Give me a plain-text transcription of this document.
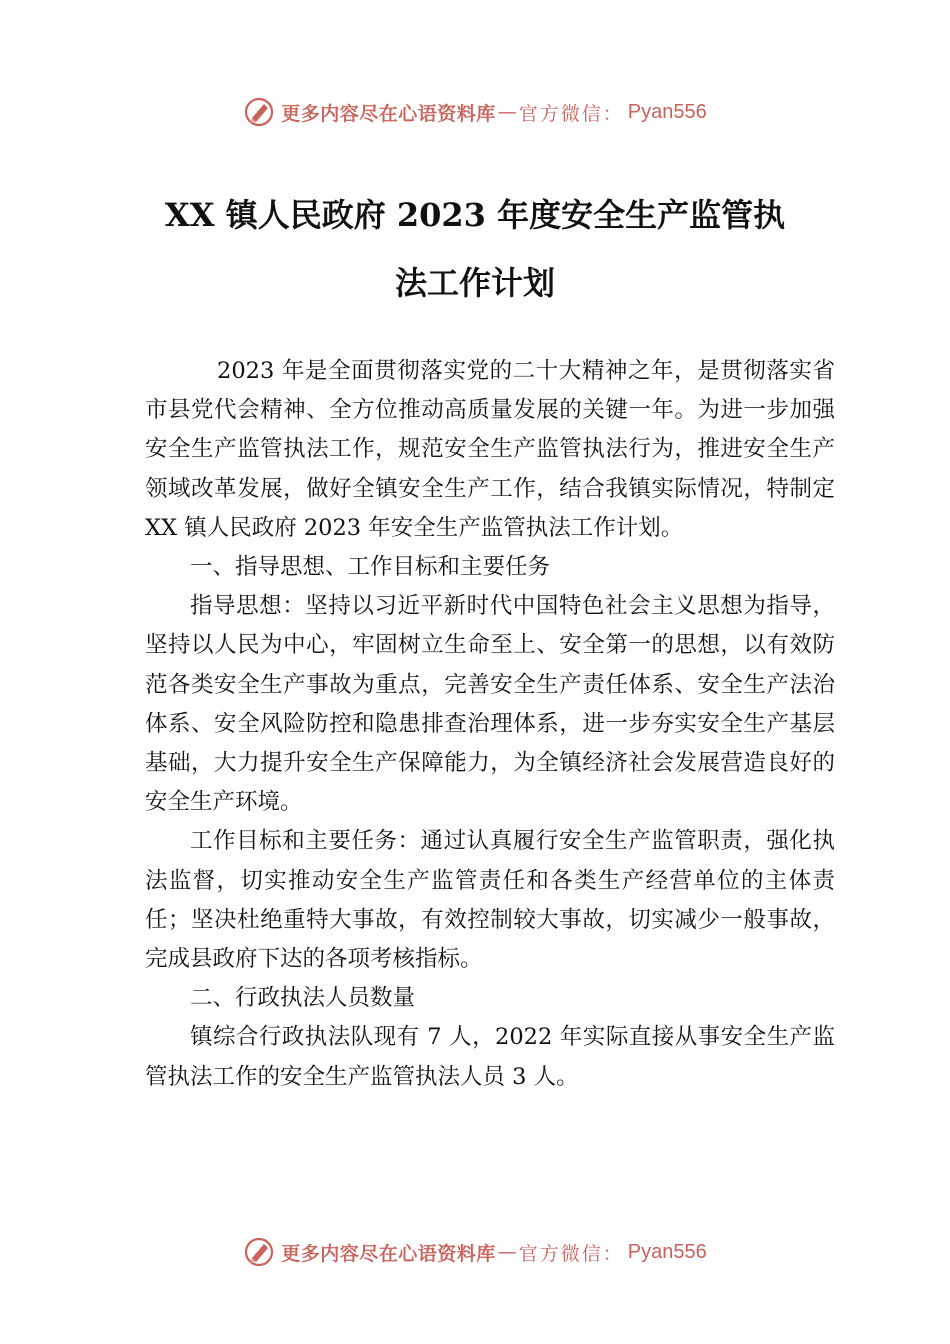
更多内容尽在心语资料库 — 官方微信： Pyan556
XX 镇人民政府 2023 年度安全生产监管执
法工作计划

2023 年是全面贯彻落实党的二十大精神之年，是贯彻落实省市县党代会精神、全方位推动高质量发展的关键一年。为进一步加强安全生产监管执法工作，规范安全生产监管执法行为，推进安全生产领域改革发展，做好全镇安全生产工作，结合我镇实际情况，特制定 XX 镇人民政府 2023 年安全生产监管执法工作计划。

一、指导思想、工作目标和主要任务

指导思想：坚持以习近平新时代中国特色社会主义思想为指导，坚持以人民为中心，牢固树立生命至上、安全第一的思想，以有效防范各类安全生产事故为重点，完善安全生产责任体系、安全生产法治体系、安全风险防控和隐患排查治理体系，进一步夯实安全生产基层基础，大力提升安全生产保障能力，为全镇经济社会发展营造良好的安全生产环境。

工作目标和主要任务：通过认真履行安全生产监管职责，强化执法监督，切实推动安全生产监管责任和各类生产经营单位的主体责任；坚决杜绝重特大事故，有效控制较大事故，切实减少一般事故，完成县政府下达的各项考核指标。

二、行政执法人员数量

镇综合行政执法队现有 7 人，2022 年实际直接从事安全生产监管执法工作的安全生产监管执法人员 3 人。

更多内容尽在心语资料库 — 官方微信： Pyan556
